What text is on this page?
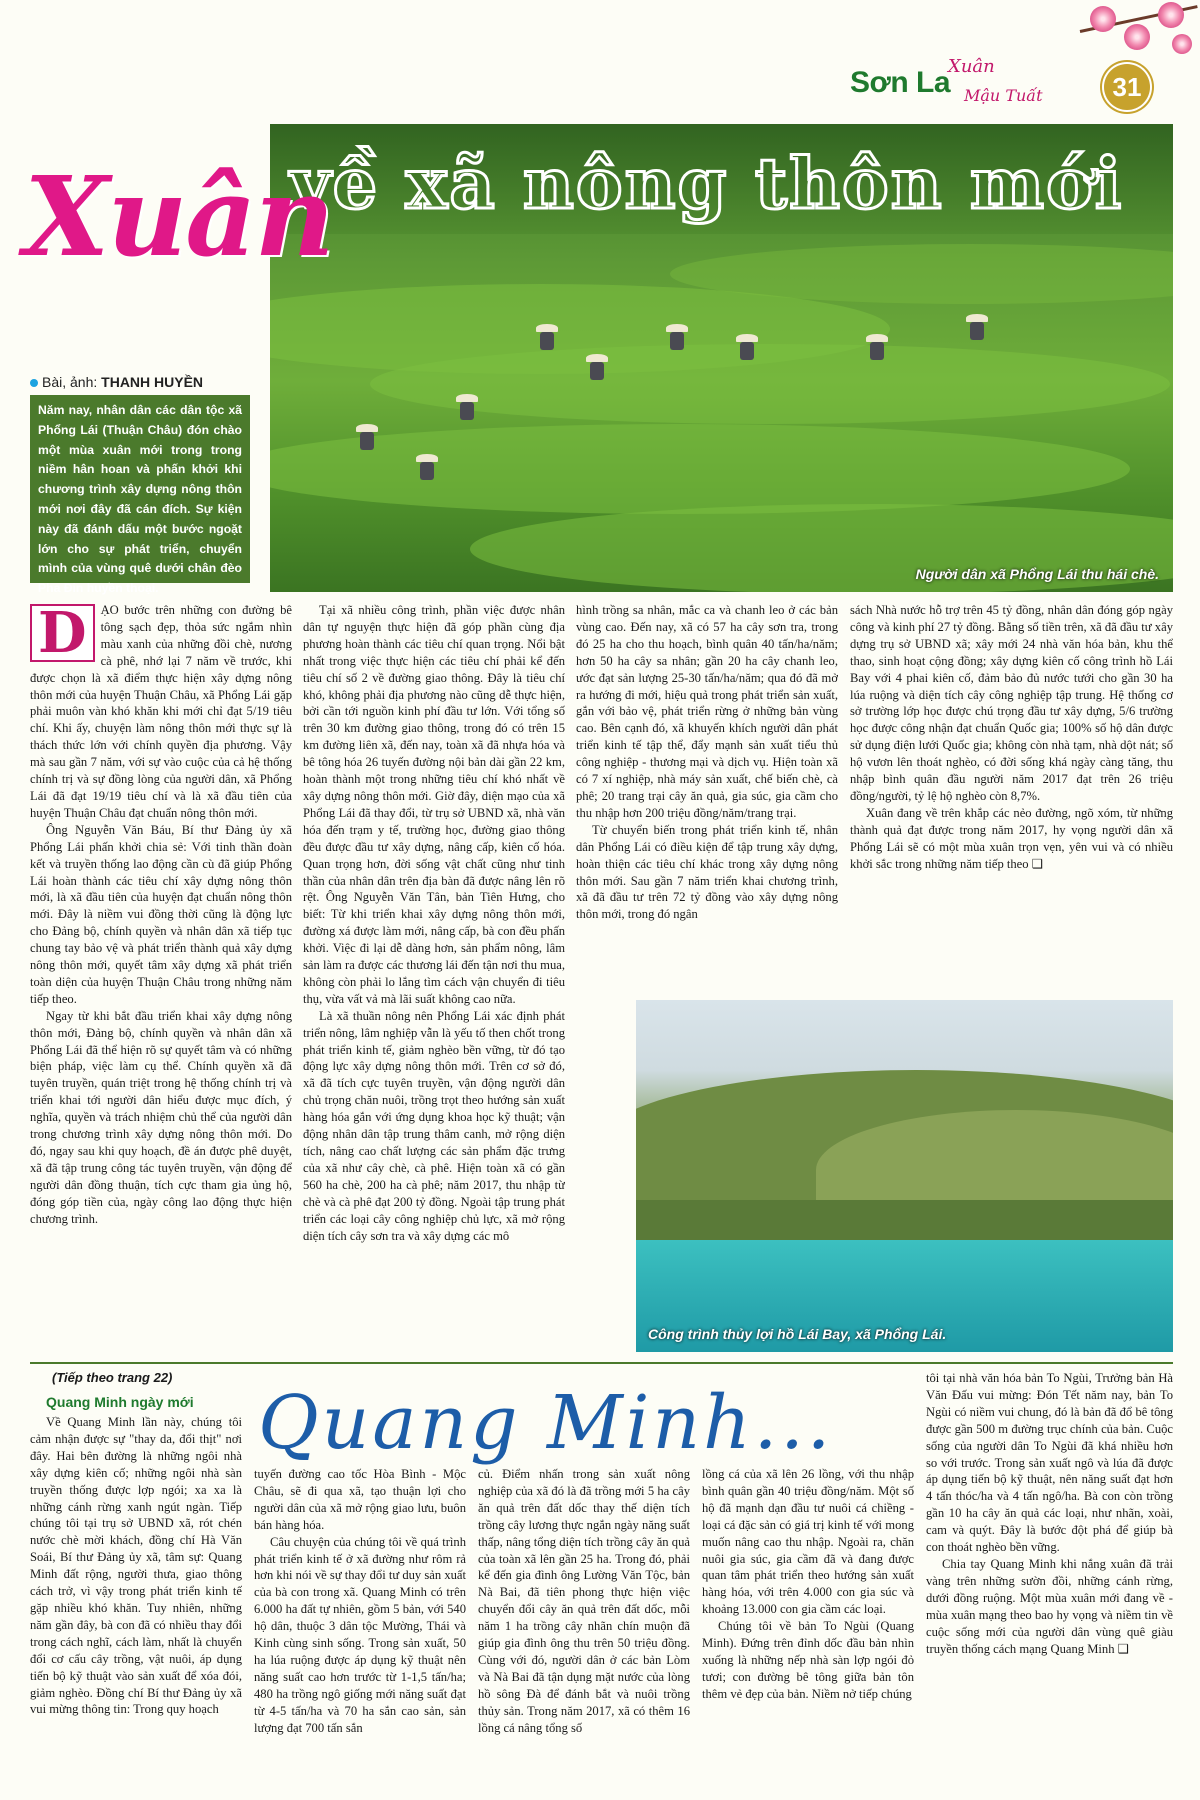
Sơn La
Xuân
Mậu Tuất	31
Người dân xã Phổng Lái thu hái chè.
về xã nông thôn mới
Xuân
Bài, ảnh: THANH HUYỀN
Năm nay, nhân dân các dân tộc xã Phổng Lái (Thuận Châu) đón chào một mùa xuân mới trong trong niềm hân hoan và phấn khởi khi chương trình xây dựng nông thôn mới nơi đây đã cán đích. Sự kiện này đã đánh dấu một bước ngoặt lớn cho sự phát triển, chuyển mình của vùng quê dưới chân đèo Pha Đin huyền thoại.
D	ẠO bước trên những con đường bê tông sạch đẹp, thỏa sức ngắm nhìn màu xanh của những đồi chè, nương cà phê, nhớ lại 7 năm về trước, khi được chọn là xã điểm thực hiện xây dựng nông thôn mới của huyện Thuận Châu, xã Phổng Lái gặp phải muôn vàn khó khăn khi mới chỉ đạt 5/19 tiêu chí. Khi ấy, chuyện làm nông thôn mới thực sự là thách thức lớn với chính quyền địa phương. Vậy mà sau gần 7 năm, với sự vào cuộc của cả hệ thống chính trị và sự đồng lòng của người dân, xã Phổng Lái đã đạt 19/19 tiêu chí và là xã đầu tiên của huyện Thuận Châu đạt chuẩn nông thôn mới.

Ông Nguyễn Văn Báu, Bí thư Đảng ủy xã Phổng Lái phấn khởi chia sẻ: Với tinh thần đoàn kết và truyền thống lao động cần cù đã giúp Phổng Lái hoàn thành các tiêu chí xây dựng nông thôn mới, là xã đầu tiên của huyện đạt chuẩn nông thôn mới. Đây là niềm vui đồng thời cũng là động lực cho Đảng bộ, chính quyền và nhân dân xã tiếp tục chung tay bảo vệ và phát triển thành quả xây dựng nông thôn mới, quyết tâm xây dựng xã phát triển toàn diện của huyện Thuận Châu trong những năm tiếp theo.

Ngay từ khi bắt đầu triển khai xây dựng nông thôn mới, Đảng bộ, chính quyền và nhân dân xã Phổng Lái đã thể hiện rõ sự quyết tâm và có những biện pháp, việc làm cụ thể. Chính quyền xã đã tuyên truyền, quán triệt trong hệ thống chính trị và triển khai tới người dân hiểu được mục đích, ý nghĩa, quyền và trách nhiệm chủ thể của người dân trong chương trình xây dựng nông thôn mới. Do đó, ngay sau khi quy hoạch, đề án được phê duyệt, xã đã tập trung công tác tuyên truyền, vận động để người dân đồng thuận, tích cực tham gia ủng hộ, đóng góp tiền của, ngày công lao động thực hiện chương trình.

Tại xã nhiều công trình, phần việc được nhân dân tự nguyện thực hiện đã góp phần cùng địa phương hoàn thành các tiêu chí quan trọng. Nổi bật nhất trong việc thực hiện các tiêu chí phải kể đến tiêu chí số 2 về đường giao thông. Đây là tiêu chí khó, không phải địa phương nào cũng dễ thực hiện, bởi cần tới nguồn kinh phí đầu tư lớn. Với tổng số trên 30 km đường giao thông, trong đó có trên 15 km đường liên xã, đến nay, toàn xã đã nhựa hóa và bê tông hóa 26 tuyến đường nội bản dài gần 22 km, hoàn thành một trong những tiêu chí khó nhất về xây dựng nông thôn mới. Giờ đây, diện mạo của xã Phổng Lái đã thay đổi, từ trụ sở UBND xã, nhà văn hóa đến trạm y tế, trường học, đường giao thông đều được đầu tư xây dựng, nâng cấp, kiên cố hóa. Quan trọng hơn, đời sống vật chất cũng như tinh thần của nhân dân trên địa bàn đã được nâng lên rõ rệt. Ông Nguyễn Văn Tân, bản Tiên Hưng, cho biết: Từ khi triển khai xây dựng nông thôn mới, đường xá được làm mới, nâng cấp, bà con đều phấn khởi. Việc đi lại dễ dàng hơn, sản phẩm nông, lâm sản làm ra được các thương lái đến tận nơi thu mua, không còn phải lo lắng tìm cách vận chuyển đi tiêu thụ, vừa vất vả mà lãi suất không cao nữa.

Là xã thuần nông nên Phổng Lái xác định phát triển nông, lâm nghiệp vẫn là yếu tố then chốt trong phát triển kinh tế, giảm nghèo bền vững, từ đó tạo động lực xây dựng nông thôn mới. Trên cơ sở đó, xã đã tích cực tuyên truyền, vận động người dân chủ trọng chăn nuôi, trồng trọt theo hướng sản xuất hàng hóa gắn với ứng dụng khoa học kỹ thuật; vận động nhân dân tập trung thâm canh, mở rộng diện tích, nâng cao chất lượng các sản phẩm đặc trưng của xã như cây chè, cà phê. Hiện toàn xã có gần 560 ha chè, 200 ha cà phê; năm 2017, thu nhập từ chè và cà phê đạt 200 tỷ đồng. Ngoài tập trung phát triển các loại cây công nghiệp chủ lực, xã mở rộng diện tích cây sơn tra và xây dựng các mô

hình trồng sa nhân, mắc ca và chanh leo ở các bản vùng cao. Đến nay, xã có 57 ha cây sơn tra, trong đó 25 ha cho thu hoạch, bình quân 40 tấn/ha/năm; hơn 50 ha cây sa nhân; gần 20 ha cây chanh leo, ước đạt sản lượng 25-30 tấn/ha/năm; qua đó đã mở ra hướng đi mới, hiệu quả trong phát triển sản xuất, gắn với bảo vệ, phát triển rừng ở những bản vùng cao. Bên cạnh đó, xã khuyến khích người dân phát triển kinh tế tập thể, đẩy mạnh sản xuất tiểu thủ công nghiệp - thương mại và dịch vụ. Hiện toàn xã có 7 xí nghiệp, nhà máy sản xuất, chế biến chè, cà phê; 20 trang trại cây ăn quả, gia súc, gia cầm cho thu nhập hơn 200 triệu đồng/năm/trang trại.

Từ chuyển biến trong phát triển kinh tế, nhân dân Phổng Lái có điều kiện để tập trung xây dựng, hoàn thiện các tiêu chí khác trong xây dựng nông thôn mới. Sau gần 7 năm triển khai chương trình, xã đã đầu tư trên 72 tỷ đồng vào xây dựng nông thôn mới, trong đó ngân

sách Nhà nước hỗ trợ trên 45 tỷ đồng, nhân dân đóng góp ngày công và kinh phí 27 tỷ đồng. Bằng số tiền trên, xã đã đầu tư xây dựng trụ sở UBND xã; xây mới 24 nhà văn hóa bản, khu thể thao, sinh hoạt cộng đồng; xây dựng kiên cố công trình hồ Lái Bay với 4 phai kiên cố, đảm bảo đủ nước tưới cho gần 30 ha lúa ruộng và diện tích cây công nghiệp tập trung. Hệ thống cơ sở trường lớp học được chú trọng đầu tư xây dựng, 5/6 trường học được công nhận đạt chuẩn Quốc gia; 100% số hộ dân được sử dụng điện lưới Quốc gia; không còn nhà tạm, nhà dột nát; số hộ vươn lên thoát nghèo, có đời sống khá ngày càng tăng, thu nhập bình quân đầu người năm 2017 đạt trên 26 triệu đồng/người, tỷ lệ hộ nghèo còn 8,7%.

Xuân đang về trên khắp các nẻo đường, ngõ xóm, từ những thành quả đạt được trong năm 2017, hy vọng người dân xã Phổng Lái sẽ có một mùa xuân trọn vẹn, yên vui và có nhiều khởi sắc trong những năm tiếp theo ❑

Công trình thủy lợi hồ Lái Bay, xã Phổng Lái.
(Tiếp theo trang 22)
Quang Minh ngày mới Quang Minh...

Về Quang Minh lần này, chúng tôi cảm nhận được sự "thay da, đổi thịt" nơi đây. Hai bên đường là những ngôi nhà xây dựng kiên cố; những ngôi nhà sàn truyền thống được lợp ngói; xa xa là những cánh rừng xanh ngút ngàn. Tiếp chúng tôi tại trụ sở UBND xã, rót chén nước chè mời khách, đồng chí Hà Văn Soái, Bí thư Đảng ủy xã, tâm sự: Quang Minh đất rộng, người thưa, giao thông cách trở, vì vậy trong phát triển kinh tế gặp nhiều khó khăn. Tuy nhiên, những năm gần đây, bà con đã có nhiều thay đổi trong cách nghĩ, cách làm, nhất là chuyển đổi cơ cấu cây trồng, vật nuôi, áp dụng tiến bộ kỹ thuật vào sản xuất để xóa đói, giảm nghèo. Đồng chí Bí thư Đảng ủy xã vui mừng thông tin: Trong quy hoạch

tuyến đường cao tốc Hòa Bình - Mộc Châu, sẽ đi qua xã, tạo thuận lợi cho người dân của xã mở rộng giao lưu, buôn bán hàng hóa.

Câu chuyện của chúng tôi về quá trình phát triển kinh tế ở xã đường như rôm rả hơn khi nói về sự thay đổi tư duy sản xuất của bà con trong xã. Quang Minh có trên 6.000 ha đất tự nhiên, gồm 5 bản, với 540 hộ dân, thuộc 3 dân tộc Mường, Thái và Kinh cùng sinh sống. Trong sản xuất, 50 ha lúa ruộng được áp dụng kỹ thuật nên năng suất cao hơn trước từ 1-1,5 tấn/ha; 480 ha trồng ngô giống mới năng suất đạt từ 4-5 tấn/ha và 70 ha sắn cao sản, sản lượng đạt 700 tấn sắn

củ. Điểm nhấn trong sản xuất nông nghiệp của xã đó là đã trồng mới 5 ha cây ăn quả trên đất dốc thay thế diện tích trồng cây lương thực ngắn ngày năng suất thấp, nâng tổng diện tích trồng cây ăn quả của toàn xã lên gần 25 ha. Trong đó, phải kể đến gia đình ông Lường Văn Tộc, bản Nà Bai, đã tiên phong thực hiện việc chuyển đổi cây ăn quả trên đất dốc, mỗi năm 1 ha trồng cây nhãn chín muộn đã giúp gia đình ông thu trên 50 triệu đồng. Cùng với đó, người dân ở các bản Lòm và Nà Bai đã tận dụng mặt nước của lòng hồ sông Đà để đánh bắt và nuôi trồng thủy sản. Trong năm 2017, xã có thêm 16 lồng cá nâng tổng số

lồng cá của xã lên 26 lồng, với thu nhập bình quân gần 40 triệu đồng/năm. Một số hộ đã mạnh dạn đầu tư nuôi cá chiềng - loại cá đặc sản có giá trị kinh tế với mong muốn nâng cao thu nhập. Ngoài ra, chăn nuôi gia súc, gia cầm đã và đang được quan tâm phát triển theo hướng sản xuất hàng hóa, với trên 4.000 con gia súc và khoảng 13.000 con gia cầm các loại.

Chúng tôi về bản To Ngùi (Quang Minh). Đứng trên đỉnh dốc đầu bản nhìn xuống là những nếp nhà sàn lợp ngói đỏ tươi; con đường bê tông giữa bản tôn thêm vẻ đẹp của bản. Niềm nở tiếp chúng

tôi tại nhà văn hóa bản To Ngùi, Trưởng bản Hà Văn Đấu vui mừng: Đón Tết năm nay, bản To Ngùi có niềm vui chung, đó là bản đã đổ bê tông được gần 500 m đường trục chính của bản. Cuộc sống của người dân To Ngùi đã khá nhiều hơn so với trước. Trong sản xuất ngô và lúa đã được áp dụng tiến bộ kỹ thuật, nên năng suất đạt hơn 4 tấn thóc/ha và 4 tấn ngô/ha. Bà con còn trồng gần 10 ha cây ăn quả các loại, như nhãn, xoài, cam và quýt. Đây là bước đột phá để giúp bà con thoát nghèo bền vững.

Chia tay Quang Minh khi nắng xuân đã trải vàng trên những sườn đồi, những cánh rừng, dưới đồng ruộng. Một mùa xuân mới đang về - mùa xuân mạng theo bao hy vọng và niềm tin về cuộc sống mới của người dân vùng quê giàu truyền thống cách mạng Quang Minh ❑
